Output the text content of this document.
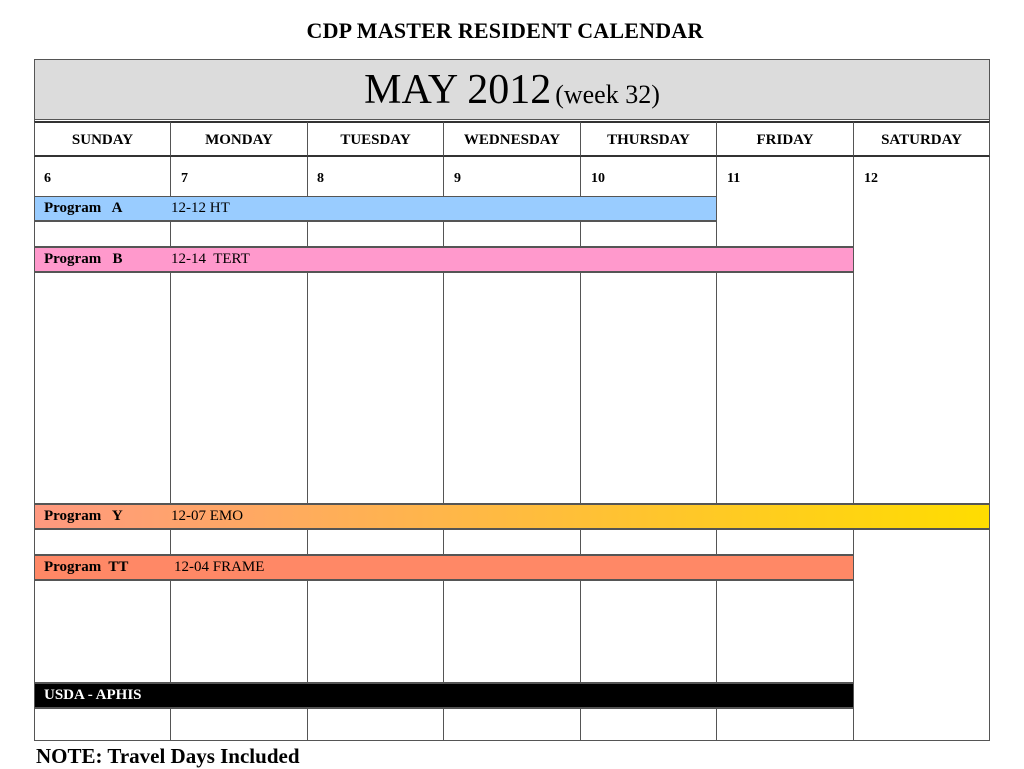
CDP MASTER RESIDENT CALENDAR
MAY 2012 (week 32)
SUNDAY	MONDAY	TUESDAY	WEDNESDAY	THURSDAY	FRIDAY	SATURDAY
6	7	8	9	10	11	12
Program   A	12-12 HT
Program   B	12-14  TERT
Program   Y	12-07 EMO
Program  TT	12-04 FRAME
USDA - APHIS
NOTE: Travel Days Included
